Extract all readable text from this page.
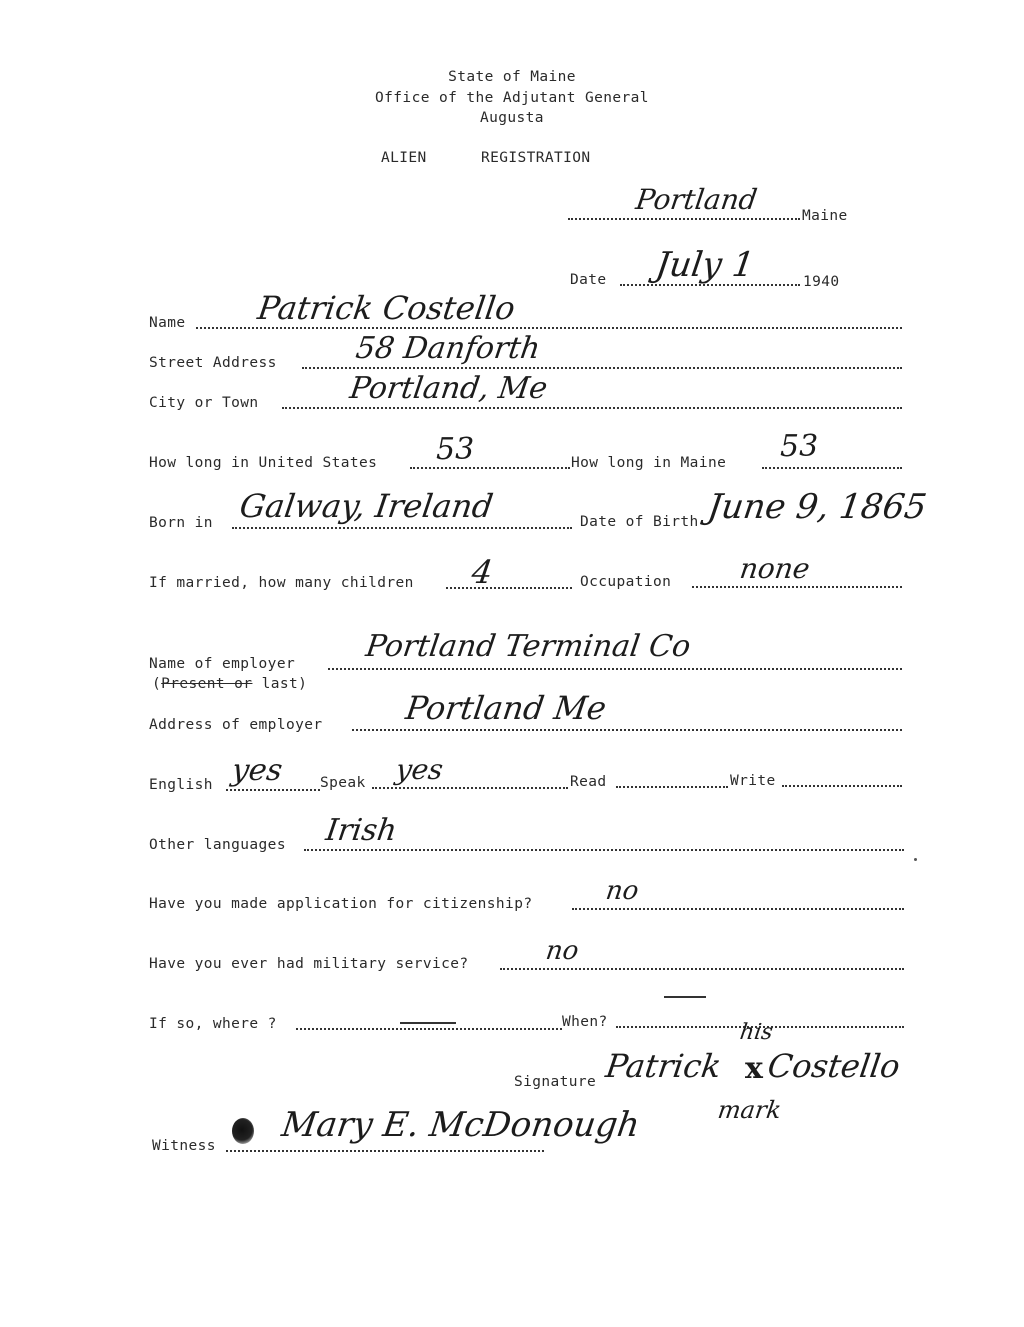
State of Maine
Office of the Adjutant General
Augusta
ALIEN	REGISTRATION
Portland	Maine
Date July 1	1940
Name Patrick Costello
Street Address	58 Danforth
City or Town	Portland, Me
How long in United States 53	How long in Maine 53
Born in Galway, Ireland	Date of Birth June 9, 1865
If married, how many children 4	Occupation none
Name of employer Portland Terminal Co
(Present or last)
Address of employer	Portland Me
English yes Speak yes	Read	Write
Other languages Irish
Have you made application for citizenship?	no
Have you ever had military service?	no
If so, where ?	When?	his
Signature Patrick x Costello
mark
Witness
Mary E. McDonough
